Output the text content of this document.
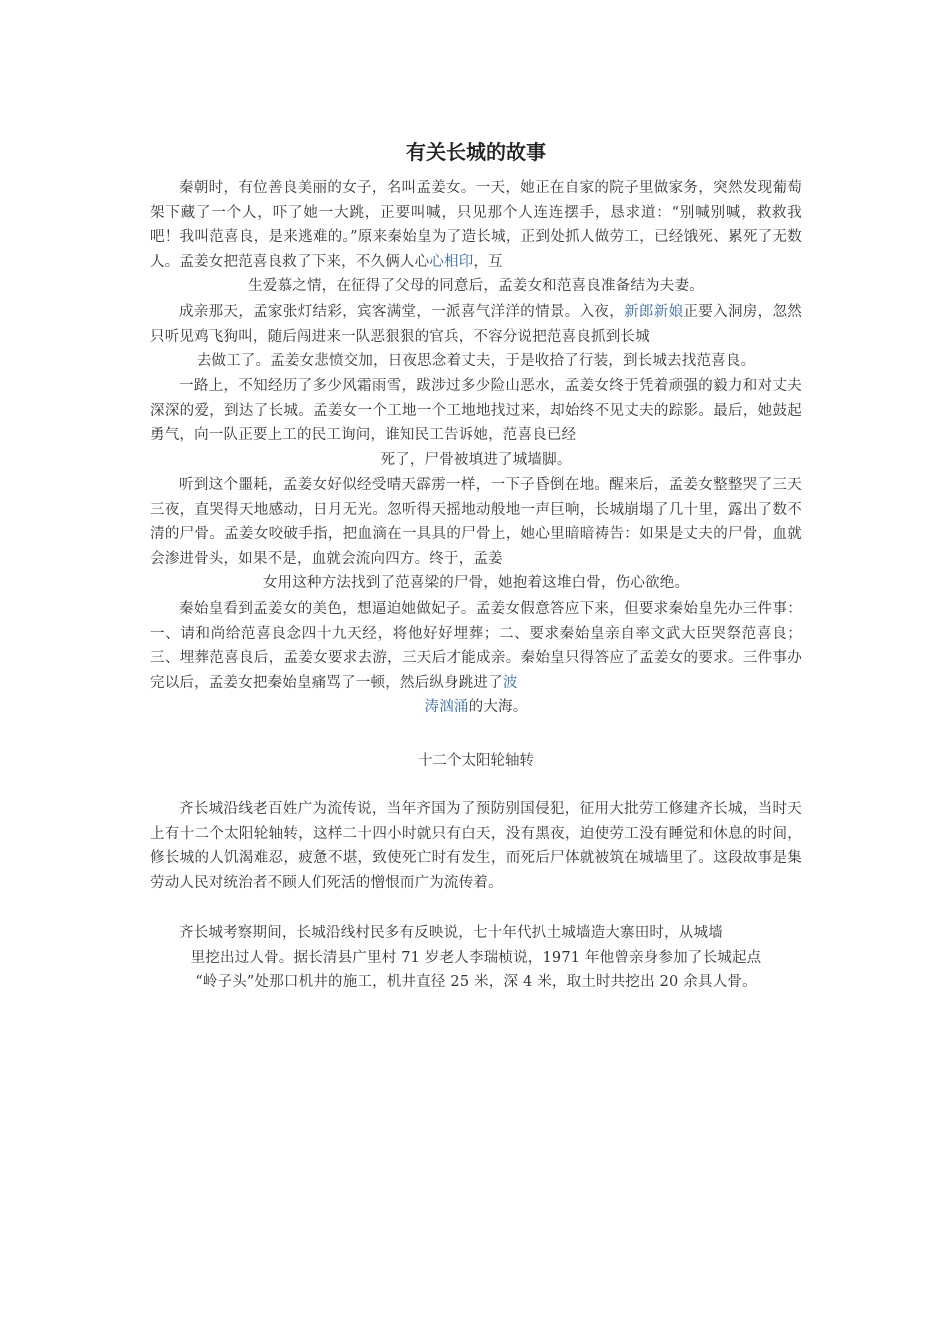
有关长城的故事

秦朝时，有位善良美丽的女子，名叫孟姜女。一天，她正在自家的院子里做家务，突然发现葡萄架下藏了一个人，吓了她一大跳，正要叫喊，只见那个人连连摆手，恳求道：“别喊别喊，救救我吧！我叫范喜良，是来逃难的。”原来秦始皇为了造长城，正到处抓人做劳工，已经饿死、累死了无数人。孟姜女把范喜良救了下来，不久俩人心心相印，互
生爱慕之情，在征得了父母的同意后，孟姜女和范喜良准备结为夫妻。

成亲那天，孟家张灯结彩，宾客满堂，一派喜气洋洋的情景。入夜，新郎新娘正要入洞房，忽然只听见鸡飞狗叫，随后闯进来一队恶狠狠的官兵，不容分说把范喜良抓到长城
去做工了。孟姜女悲愤交加，日夜思念着丈夫，于是收拾了行装，到长城去找范喜良。

一路上，不知经历了多少风霜雨雪，跋涉过多少险山恶水，孟姜女终于凭着顽强的毅力和对丈夫深深的爱，到达了长城。孟姜女一个工地一个工地地找过来，却始终不见丈夫的踪影。最后，她鼓起勇气，向一队正要上工的民工询问，谁知民工告诉她，范喜良已经
死了，尸骨被填进了城墙脚。

听到这个噩耗，孟姜女好似经受晴天霹雳一样，一下子昏倒在地。醒来后，孟姜女整整哭了三天三夜，直哭得天地感动，日月无光。忽听得天摇地动般地一声巨响，长城崩塌了几十里，露出了数不清的尸骨。孟姜女咬破手指，把血滴在一具具的尸骨上，她心里暗暗祷告：如果是丈夫的尸骨，血就会渗进骨头，如果不是，血就会流向四方。终于，孟姜
女用这种方法找到了范喜梁的尸骨，她抱着这堆白骨，伤心欲绝。

秦始皇看到孟姜女的美色，想逼迫她做妃子。孟姜女假意答应下来，但要求秦始皇先办三件事：一、请和尚给范喜良念四十九天经，将他好好埋葬；二、要求秦始皇亲自率文武大臣哭祭范喜良；三、埋葬范喜良后，孟姜女要求去游，三天后才能成亲。秦始皇只得答应了孟姜女的要求。三件事办完以后，孟姜女把秦始皇痛骂了一顿，然后纵身跳进了波
涛汹涌的大海。

十二个太阳轮轴转

齐长城沿线老百姓广为流传说，当年齐国为了预防别国侵犯，征用大批劳工修建齐长城，当时天上有十二个太阳轮轴转，这样二十四小时就只有白天，没有黑夜，迫使劳工没有睡觉和休息的时间，修长城的人饥渴难忍，疲惫不堪，致使死亡时有发生，而死后尸体就被筑在城墙里了。这段故事是集劳动人民对统治者不顾人们死活的憎恨而广为流传着。

齐长城考察期间，长城沿线村民多有反映说，七十年代扒土城墙造大寨田时，从城墙
里挖出过人骨。据长清县广里村 71 岁老人李瑞桢说，1971 年他曾亲身参加了长城起点
“岭子头”处那口机井的施工，机井直径 25 米，深 4 米，取土时共挖出 20 余具人骨。
